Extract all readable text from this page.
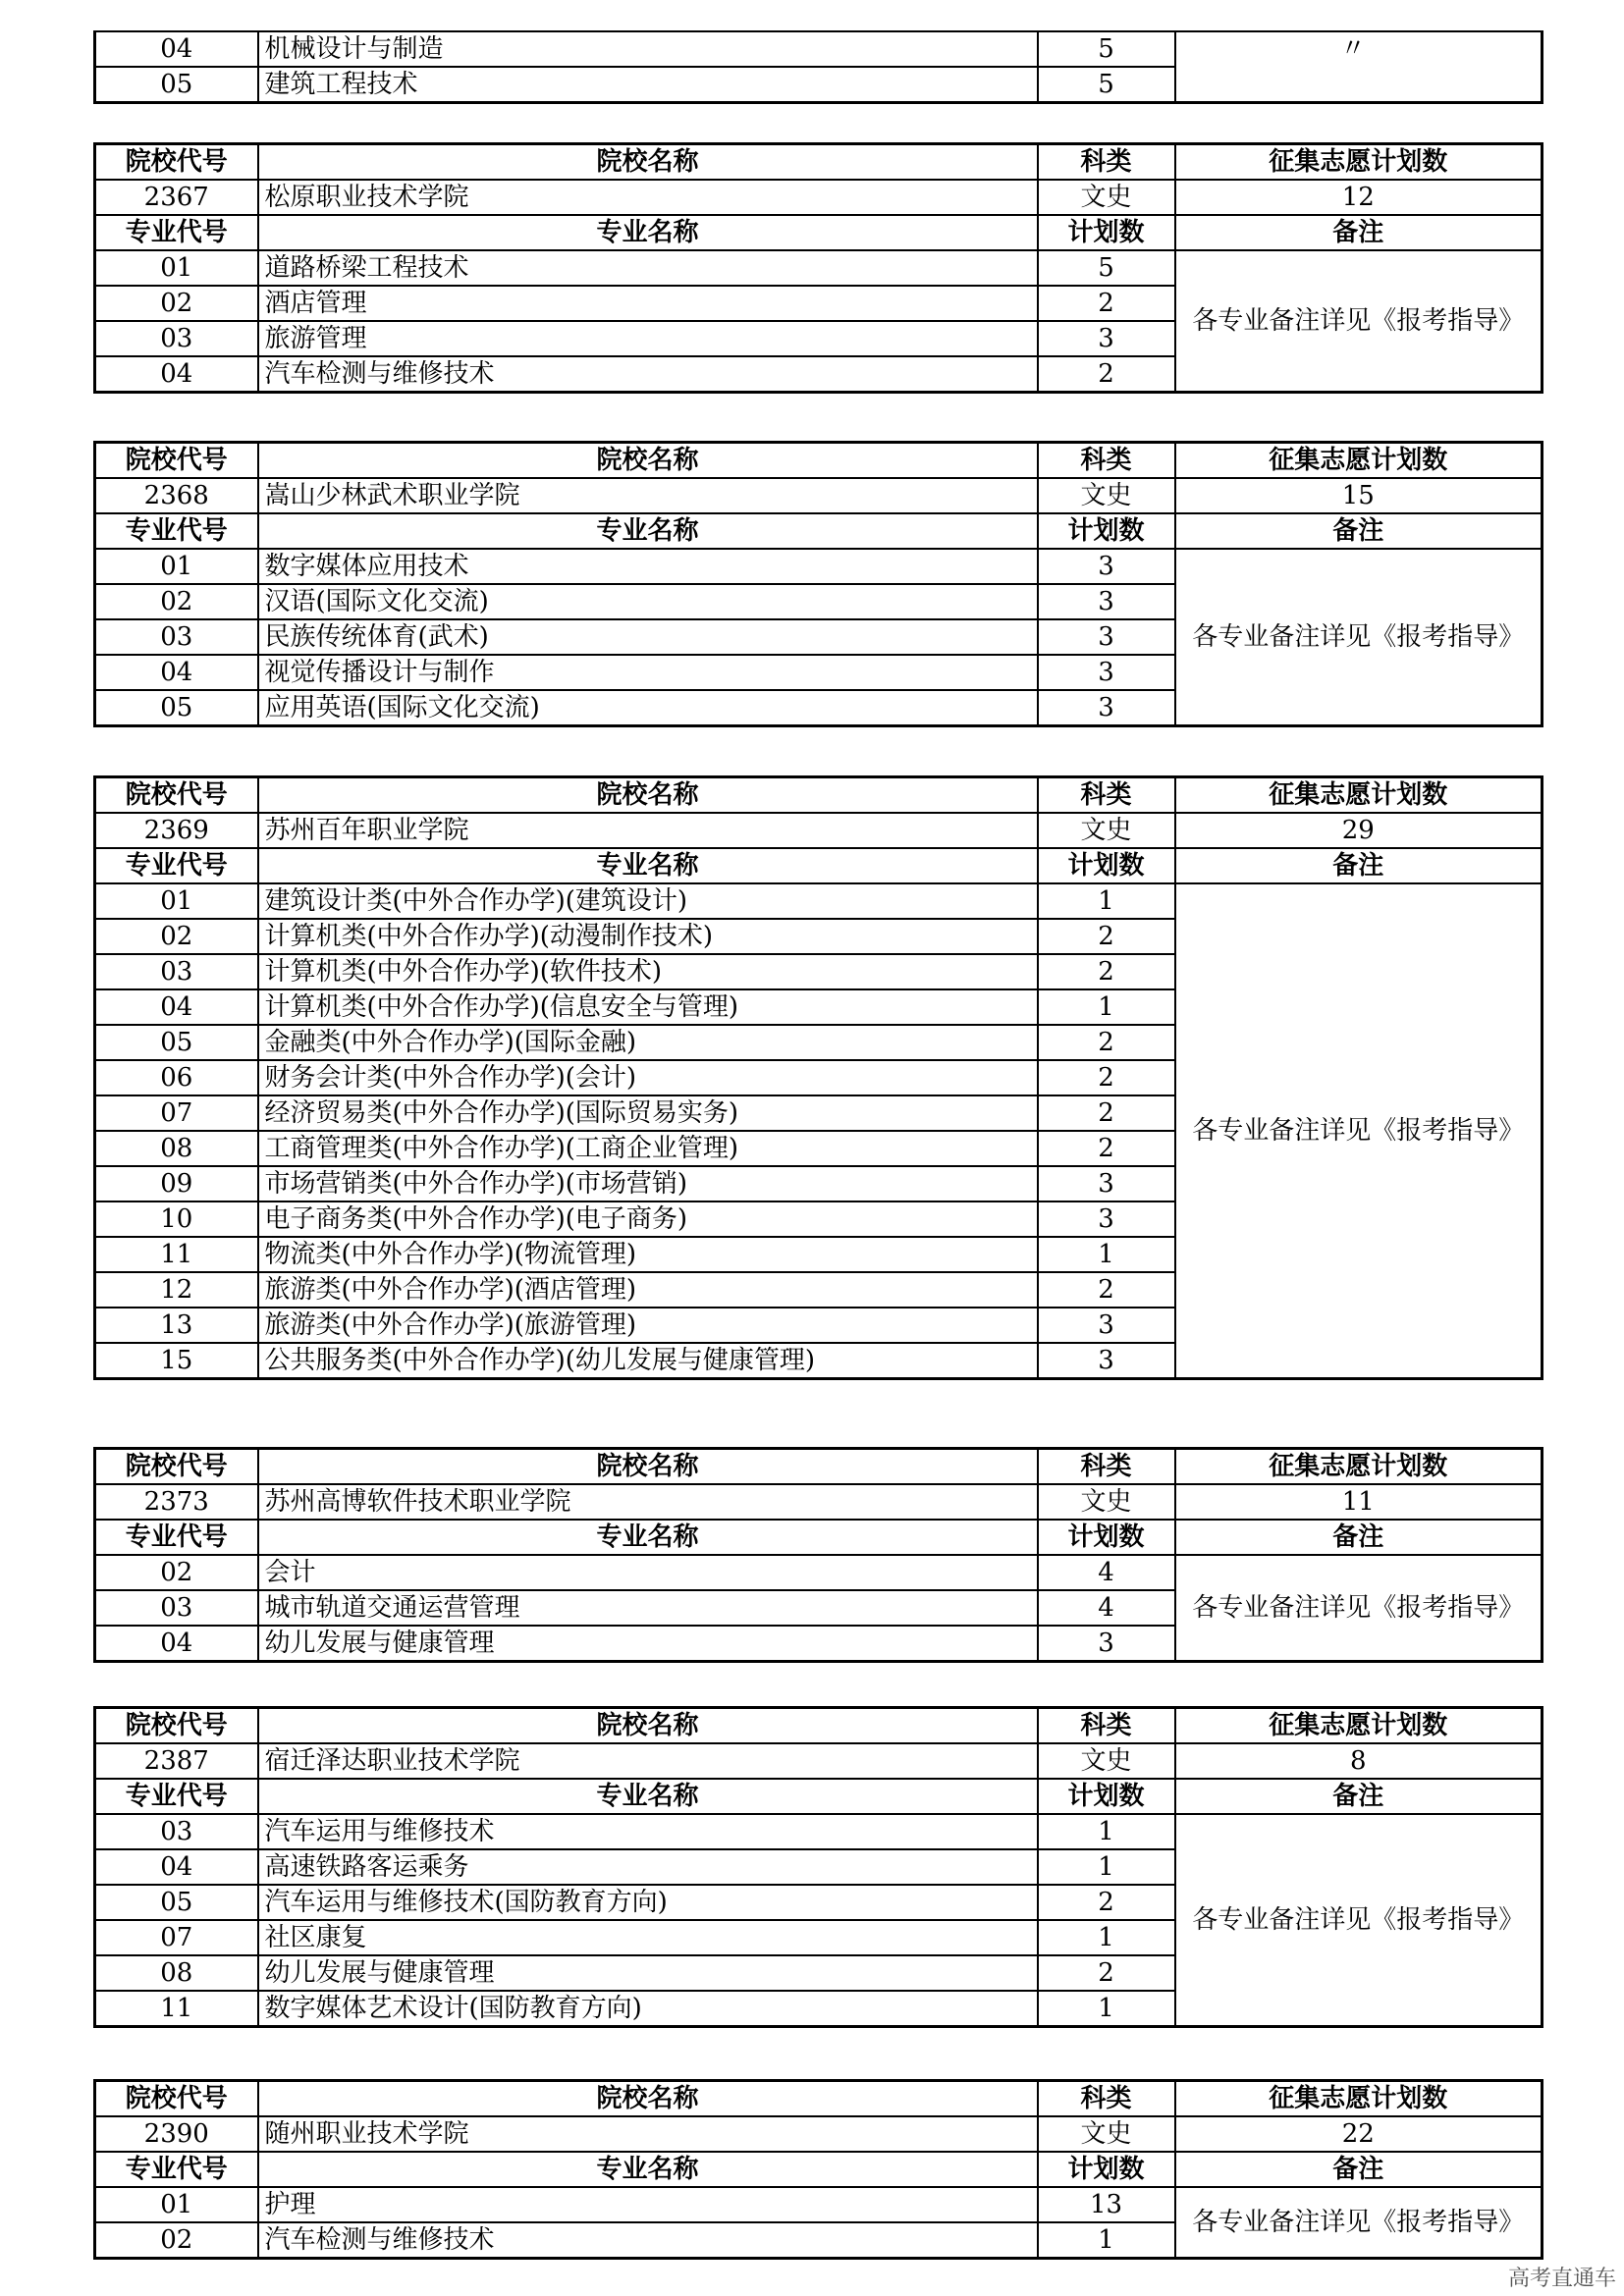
04	机械设计与制造	5	〃
05	建筑工程技术	5	
院校代号	院校名称	科类	征集志愿计划数
2367	松原职业技术学院	文史	12
专业代号	专业名称	计划数	备注
01	道路桥梁工程技术	5	各专业备注详见《报考指导》
02	酒店管理	2	
03	旅游管理	3	
04	汽车检测与维修技术	2	
院校代号	院校名称	科类	征集志愿计划数
2368	嵩山少林武术职业学院	文史	15
专业代号	专业名称	计划数	备注
01	数字媒体应用技术	3	各专业备注详见《报考指导》
02	汉语(国际文化交流)	3	
03	民族传统体育(武术)	3	
04	视觉传播设计与制作	3	
05	应用英语(国际文化交流)	3	
院校代号	院校名称	科类	征集志愿计划数
2369	苏州百年职业学院	文史	29
专业代号	专业名称	计划数	备注
01	建筑设计类(中外合作办学)(建筑设计)	1	各专业备注详见《报考指导》
02	计算机类(中外合作办学)(动漫制作技术)	2	
03	计算机类(中外合作办学)(软件技术)	2	
04	计算机类(中外合作办学)(信息安全与管理)	1	
05	金融类(中外合作办学)(国际金融)	2	
06	财务会计类(中外合作办学)(会计)	2	
07	经济贸易类(中外合作办学)(国际贸易实务)	2	
08	工商管理类(中外合作办学)(工商企业管理)	2	
09	市场营销类(中外合作办学)(市场营销)	3	
10	电子商务类(中外合作办学)(电子商务)	3	
11	物流类(中外合作办学)(物流管理)	1	
12	旅游类(中外合作办学)(酒店管理)	2	
13	旅游类(中外合作办学)(旅游管理)	3	
15	公共服务类(中外合作办学)(幼儿发展与健康管理)	3	
院校代号	院校名称	科类	征集志愿计划数
2373	苏州高博软件技术职业学院	文史	11
专业代号	专业名称	计划数	备注
02	会计	4	各专业备注详见《报考指导》
03	城市轨道交通运营管理	4	
04	幼儿发展与健康管理	3	
院校代号	院校名称	科类	征集志愿计划数
2387	宿迁泽达职业技术学院	文史	8
专业代号	专业名称	计划数	备注
03	汽车运用与维修技术	1	各专业备注详见《报考指导》
04	高速铁路客运乘务	1	
05	汽车运用与维修技术(国防教育方向)	2	
07	社区康复	1	
08	幼儿发展与健康管理	2	
11	数字媒体艺术设计(国防教育方向)	1	
院校代号	院校名称	科类	征集志愿计划数
2390	随州职业技术学院	文史	22
专业代号	专业名称	计划数	备注
01	护理	13	各专业备注详见《报考指导》
02	汽车检测与维修技术	1	
高考直通车
